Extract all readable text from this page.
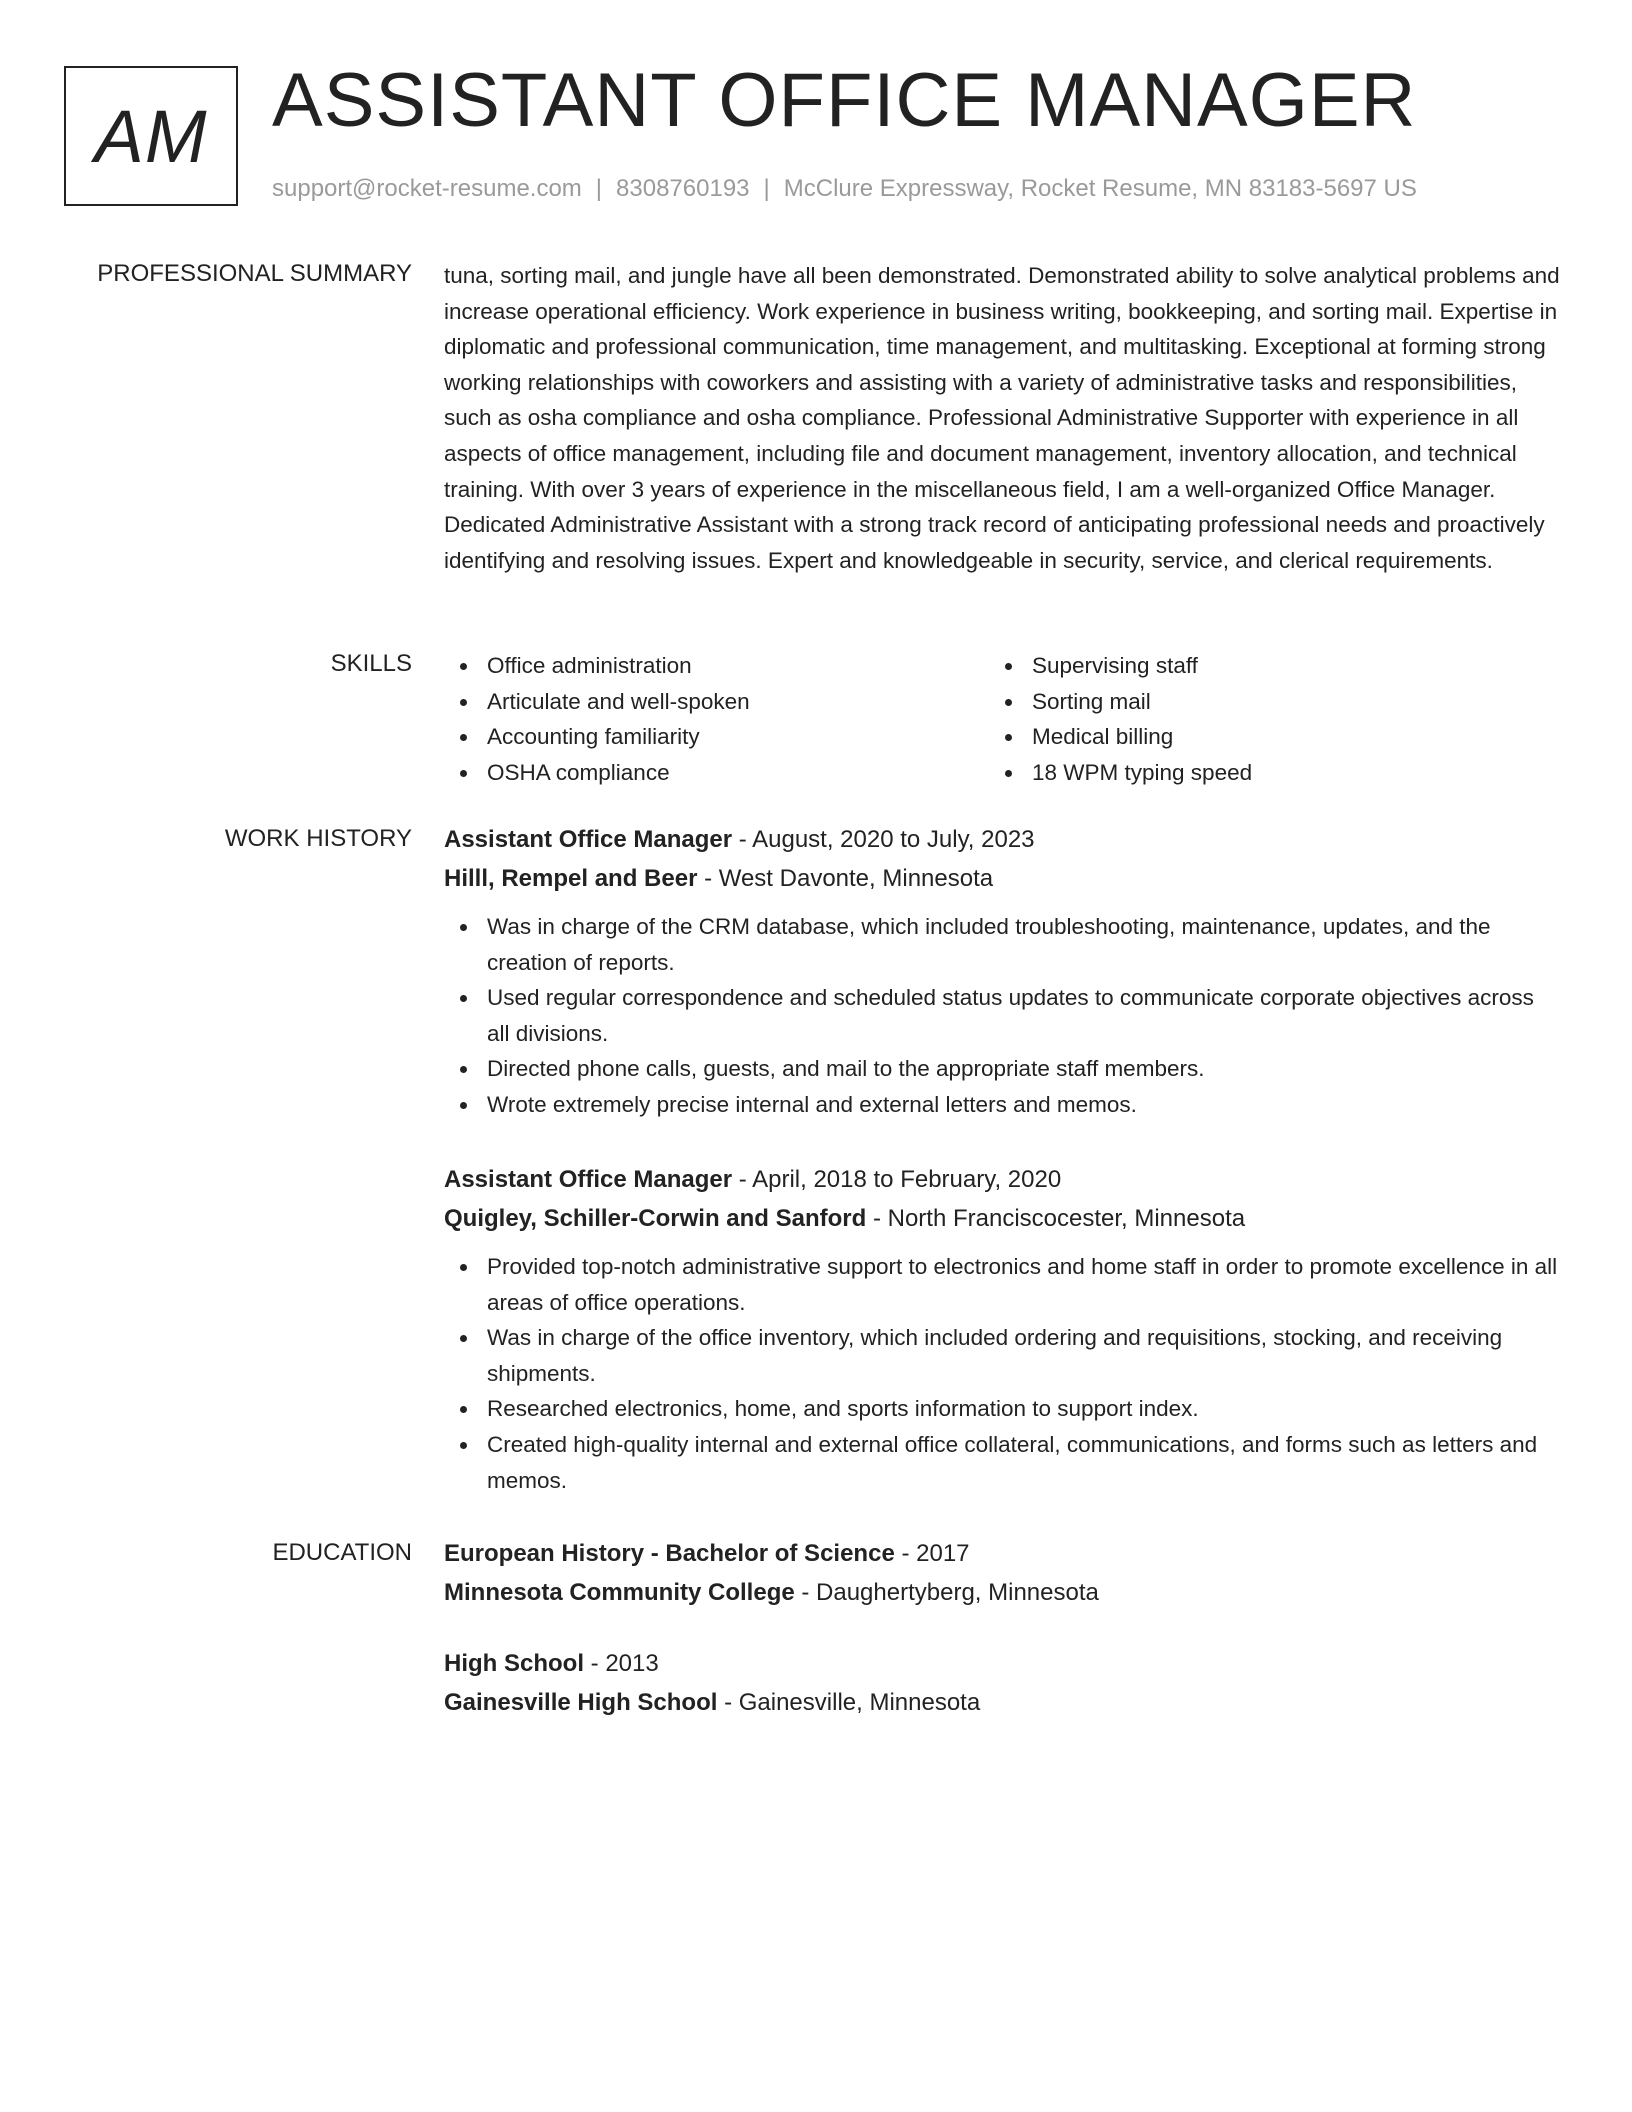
AM ASSISTANT OFFICE MANAGER
support@rocket-resume.com | 8308760193 | McClure Expressway, Rocket Resume, MN 83183-5697 US
PROFESSIONAL SUMMARY tuna, sorting mail, and jungle have all been demonstrated. Demonstrated ability to solve analytical problems and increase operational efficiency. Work experience in business writing, bookkeeping, and sorting mail. Expertise in diplomatic and professional communication, time management, and multitasking. Exceptional at forming strong working relationships with coworkers and assisting with a variety of administrative tasks and responsibilities, such as osha compliance and osha compliance. Professional Administrative Supporter with experience in all aspects of office management, including file and document management, inventory allocation, and technical training. With over 3 years of experience in the miscellaneous field, I am a well-organized Office Manager. Dedicated Administrative Assistant with a strong track record of anticipating professional needs and proactively identifying and resolving issues. Expert and knowledgeable in security, service, and clerical requirements.
SKILLS	Office administration
Articulate and well-spoken
Accounting familiarity
OSHA compliance
Supervising staff
Sorting mail
Medical billing
18 WPM typing speed
WORK HISTORY Assistant Office Manager - August, 2020 to July, 2023
Hilll, Rempel and Beer - West Davonte, Minnesota
Was in charge of the CRM database, which included troubleshooting, maintenance, updates, and the creation of reports.
Used regular correspondence and scheduled status updates to communicate corporate objectives across all divisions.
Directed phone calls, guests, and mail to the appropriate staff members.
Wrote extremely precise internal and external letters and memos.
Assistant Office Manager - April, 2018 to February, 2020
Quigley, Schiller-Corwin and Sanford - North Franciscocester, Minnesota
Provided top-notch administrative support to electronics and home staff in order to promote excellence in all areas of office operations.
Was in charge of the office inventory, which included ordering and requisitions, stocking, and receiving shipments.
Researched electronics, home, and sports information to support index.
Created high-quality internal and external office collateral, communications, and forms such as letters and memos.
EDUCATION European History - Bachelor of Science - 2017
Minnesota Community College - Daughertyberg, Minnesota
High School - 2013
Gainesville High School - Gainesville, Minnesota
